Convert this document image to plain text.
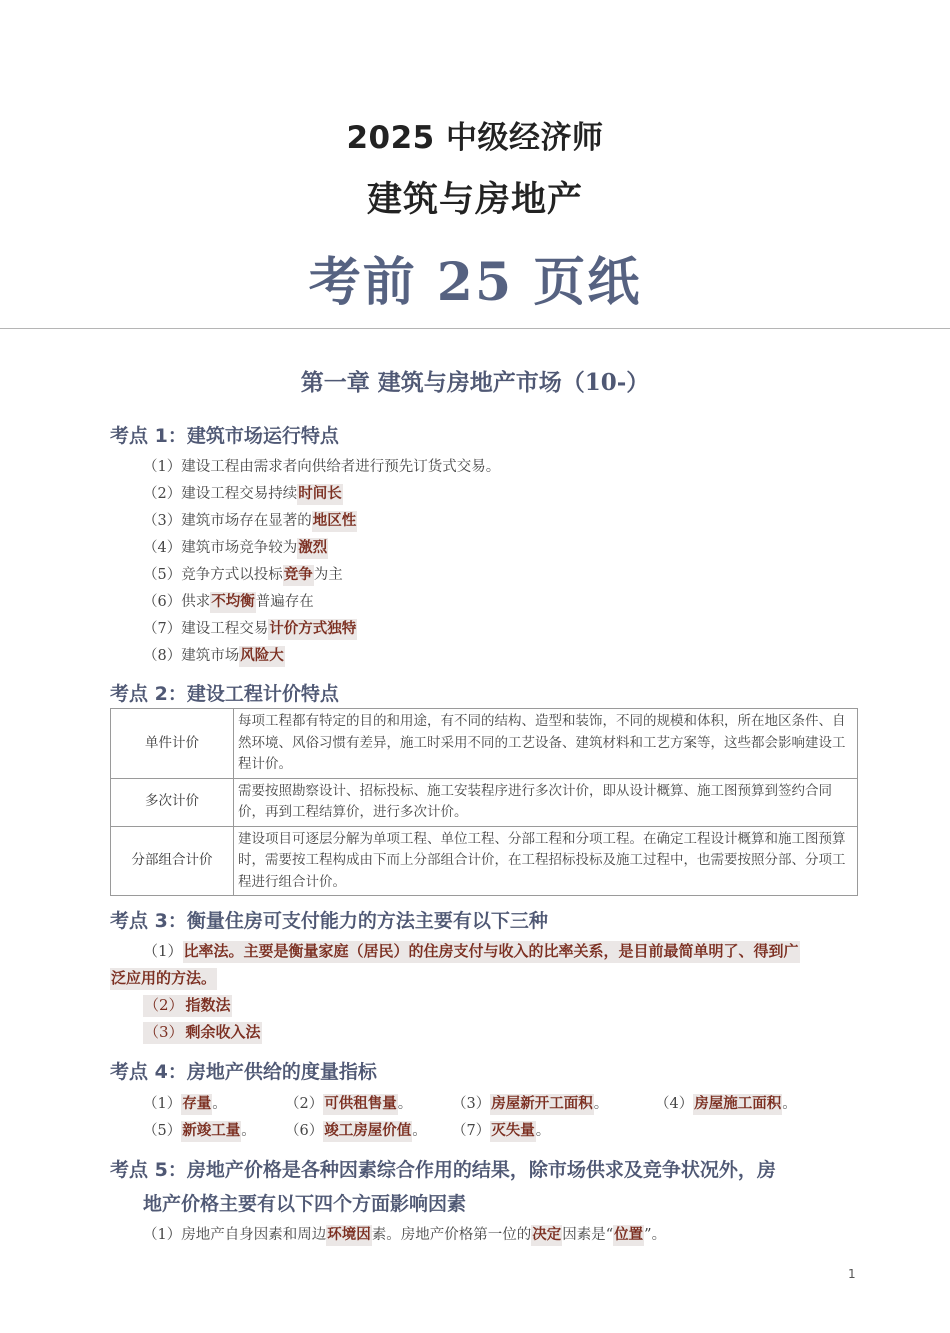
2025 中级经济师
建筑与房地产
考前 25 页纸
第一章 建筑与房地产市场（10-）
考点 1：建筑市场运行特点
（1）建设工程由需求者向供给者进行预先订货式交易。
（2）建设工程交易持续时间长
（3）建筑市场存在显著的地区性
（4）建筑市场竞争较为激烈
（5）竞争方式以投标竞争为主
（6）供求不均衡普遍存在
（7）建设工程交易计价方式独特
（8）建筑市场风险大
考点 2：建设工程计价特点
单件计价	每项工程都有特定的目的和用途，有不同的结构、造型和装饰，不同的规模和体积，所在地区条件、自然环境、风俗习惯有差异，施工时采用不同的工艺设备、建筑材料和工艺方案等，这些都会影响建设工程计价。
多次计价	需要按照勘察设计、招标投标、施工安装程序进行多次计价，即从设计概算、施工图预算到签约合同价，再到工程结算价，进行多次计价。
分部组合计价	建设项目可逐层分解为单项工程、单位工程、分部工程和分项工程。在确定工程设计概算和施工图预算时，需要按工程构成由下而上分部组合计价，在工程招标投标及施工过程中，也需要按照分部、分项工程进行组合计价。
考点 3：衡量住房可支付能力的方法主要有以下三种
（1）比率法。主要是衡量家庭（居民）的住房支付与收入的比率关系，是目前最简单明了、得到广
泛应用的方法。
（2） 指数法
（3） 剩余收入法
考点 4：房地产供给的度量指标
（1）存量。	（2）可供租售量。	（3）房屋新开工面积。	（4）房屋施工面积。
（5）新竣工量。 （6）竣工房屋价值。 （7）灭失量。
考点 5：房地产价格是各种因素综合作用的结果，除市场供求及竞争状况外，房
地产价格主要有以下四个方面影响因素
（1）房地产自身因素和周边环境因素。房地产价格第一位的决定因素是“位置”。
1
